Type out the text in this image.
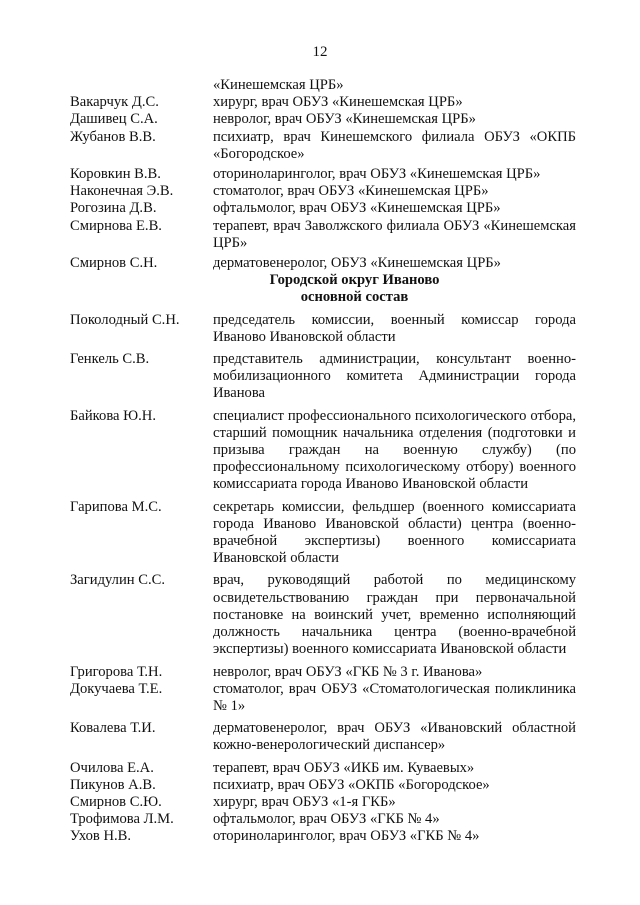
12
«Кинешемская ЦРБ»
Вакарчук Д.С.	хирург, врач ОБУЗ «Кинешемская ЦРБ»
Дашивец С.А.	невролог, врач ОБУЗ «Кинешемская ЦРБ»
Жубанов В.В.	психиатр, врач Кинешемского филиала ОБУЗ «ОКПБ «Богородское»
Коровкин В.В.	оториноларинголог, врач ОБУЗ «Кинешемская ЦРБ»
Наконечная Э.В.	стоматолог, врач ОБУЗ «Кинешемская ЦРБ»
Рогозина Д.В.	офтальмолог, врач ОБУЗ «Кинешемская ЦРБ»
Смирнова Е.В.	терапевт, врач Заволжского филиала ОБУЗ «Кинешемская ЦРБ»
Смирнов С.Н.	дерматовенеролог, ОБУЗ «Кинешемская ЦРБ»
Городской округ Иваново
основной состав
Поколодный С.Н.	председатель комиссии, военный комиссар города Иваново Ивановской области
Генкель С.В.	представитель администрации, консультант военно-мобилизационного комитета Администрации города Иванова
Байкова Ю.Н.	специалист профессионального психологического отбора, старший помощник начальника отделения (подготовки и призыва граждан на военную службу) (по профессиональному психологическому отбору) военного комиссариата города Иваново Ивановской области
Гарипова М.С.	секретарь комиссии, фельдшер (военного комиссариата города Иваново Ивановской области) центра (военно-врачебной экспертизы) военного комиссариата Ивановской области
Загидулин С.С.	врач, руководящий работой по медицинскому освидетельствованию граждан при первоначальной постановке на воинский учет, временно исполняющий должность начальника центра (военно-врачебной экспертизы) военного комиссариата Ивановской области
Григорова Т.Н.	невролог, врач ОБУЗ «ГКБ № 3 г. Иванова»
Докучаева Т.Е.	стоматолог, врач ОБУЗ «Стоматологическая поликлиника № 1»
Ковалева Т.И.	дерматовенеролог, врач ОБУЗ «Ивановский областной кожно-венерологический диспансер»
Очилова Е.А.	терапевт, врач ОБУЗ «ИКБ им. Куваевых»
Пикунов А.В.	психиатр, врач ОБУЗ «ОКПБ «Богородское»
Смирнов С.Ю.	хирург, врач ОБУЗ «1-я ГКБ»
Трофимова Л.М.	офтальмолог, врач ОБУЗ «ГКБ № 4»
Ухов Н.В.	оториноларинголог, врач ОБУЗ «ГКБ № 4»
